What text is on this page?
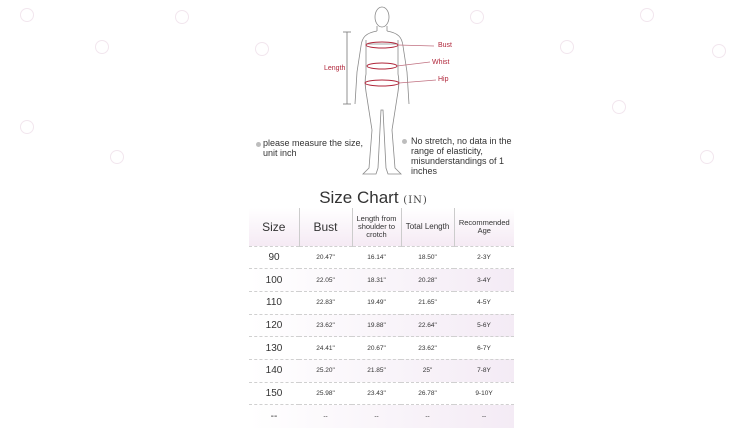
Bust
Whist
Hip
Length
please measure the size,
unit inch
No stretch, no data in the
range of elasticity,
misunderstandings of 1
inches
Size Chart (IN)
Size	Bust	Length from shoulder to crotch	Total Length	Recommended Age
90	20.47"	16.14"	18.50"	2-3Y
100	22.05"	18.31"	20.28"	3-4Y
110	22.83"	19.49"	21.65"	4-5Y
120	23.62"	19.88"	22.64"	5-6Y
130	24.41"	20.67"	23.62"	6-7Y
140	25.20"	21.85"	25"	7-8Y
150	25.98"	23.43"	26.78"	9-10Y
--	--	--	--	--
